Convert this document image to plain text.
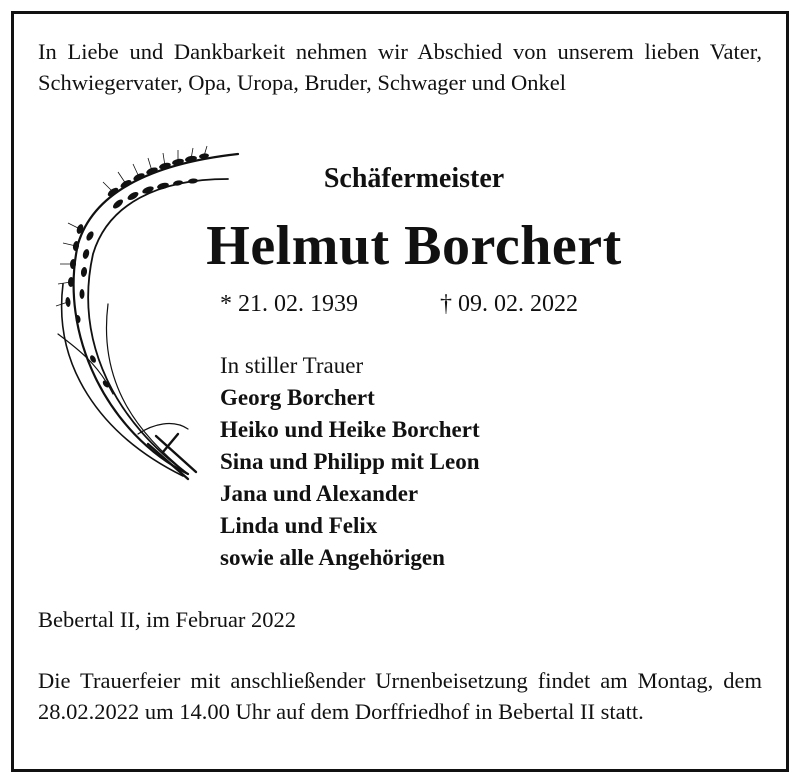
In Liebe und Dankbarkeit nehmen wir Abschied von unserem lieben Vater, Schwiegervater, Opa, Uropa, Bruder, Schwager und Onkel

Schäfermeister
Helmut Borchert
* 21. 02. 1939	† 09. 02. 2022
In stiller Trauer
Georg Borchert
Heiko und Heike Borchert
Sina und Philipp mit Leon
Jana und Alexander
Linda und Felix
sowie alle Angehörigen
Bebertal II, im Februar 2022

Die Trauerfeier mit anschließender Urnenbeisetzung findet am Montag, dem 28.02.2022 um 14.00 Uhr auf dem Dorffriedhof in Bebertal II statt.
